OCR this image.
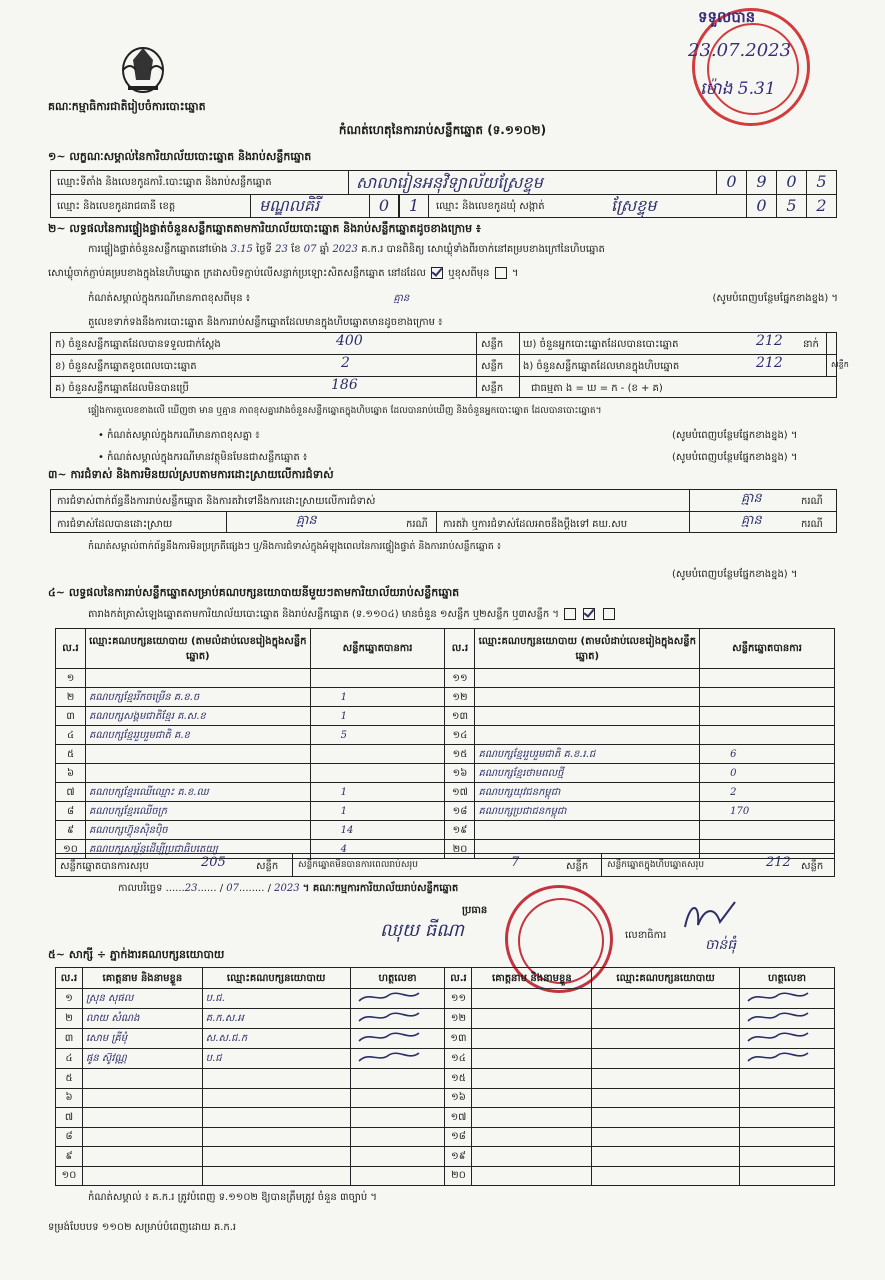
គណៈកម្មាធិការជាតិរៀបចំការបោះឆ្នោត
កំណត់ហេតុនៃការរាប់សន្លឹកឆ្នោត (ទ.១១០២)
ទទួលបាន
23.07.2023
ម៉ោង 5.31
១~ លក្ខណៈសម្គាល់នៃការិយាល័យបោះឆ្នោត និងរាប់សន្លឹកឆ្នោត
ឈ្មោះទីតាំង និងលេខកូដការិ.បោះឆ្នោត និងរាប់សន្លឹកឆ្នោត	សាលារៀនអនុវិទ្យាល័យស្រែខ្ទុម	0	9	0	5
ឈ្មោះ និងលេខកូដរាជធានី ខេត្ត	មណ្ឌលគិរី	0	1	ឈ្មោះ និងលេខកូដឃុំ សង្កាត់	ស្រែខ្ទុម	0	5	2
២~ លទ្ធផលនៃការផ្ទៀងផ្ទាត់ចំនួនសន្លឹកឆ្នោតតាមការិយាល័យបោះឆ្នោត និងរាប់សន្លឹកឆ្នោតដូចខាងក្រោម ៖
ការផ្ទៀងផ្ទាត់ចំនួនសន្លឹកឆ្នោតនៅម៉ោង 3.15 ថ្ងៃទី 23 ខែ 07 ឆ្នាំ 2023 គ.ក.រ បានពិនិត្យ សោឃ្លុំទាំងពីរចាក់នៅគម្របខាងក្រៅនៃហិបឆ្នោត
សោឃ្លុំចាក់ភ្ជាប់គម្របខាងក្នុងនៃហិបឆ្នោត ក្រដាសបិទភ្ជាប់លើសន្លាក់ប្រឡោះសិតសន្លឹកឆ្នោត នៅដដែល ឬខុសពីមុន  ។
កំណត់សម្គាល់ក្នុងករណីមានភាពខុសពីមុន ៖	គ្មាន	(សូមបំពេញបន្ថែមផ្នែកខាងខ្នង) ។
តួលេខទាក់ទងនឹងការបោះឆ្នោត និងការរាប់សន្លឹកឆ្នោតដែលមានក្នុងហិបឆ្នោតមានដូចខាងក្រោម ៖
ក) ចំនួនសន្លឹកឆ្នោតដែលបានទទួលជាក់ស្តែង	400	សន្លឹក ឃ) ចំនួនអ្នកបោះឆ្នោតដែលបានបោះឆ្នោត	212 នាក់
ខ) ចំនួនសន្លឹកឆ្នោតខូចពេលបោះឆ្នោត	2	សន្លឹក ង) ចំនួនសន្លឹកឆ្នោតដែលមានក្នុងហិបឆ្នោត	212	សន្លឹក
គ) ចំនួនសន្លឹកឆ្នោតដែលមិនបានប្រើ	186	សន្លឹក	ជាធម្មតា ង = ឃ = ក - (ខ + គ)
ផ្ទៀងការតួលេខខាងលើ ឃើញថា មាន ឬគ្មាន ភាពខុសគ្នារវាងចំនួនសន្លឹកឆ្នោតក្នុងហិបឆ្នោត ដែលបានរាប់ឃើញ និងចំនួនអ្នកបោះឆ្នោត ដែលបានបោះឆ្នោត។
• កំណត់សម្គាល់ក្នុងករណីមានភាពខុសគ្នា ៖	(សូមបំពេញបន្ថែមផ្នែកខាងខ្នង) ។
• កំណត់សម្គាល់ក្នុងករណីមានវត្ថុមិនមែនជាសន្លឹកឆ្នោត ៖	(សូមបំពេញបន្ថែមផ្នែកខាងខ្នង) ។
៣~ ការជំទាស់ និងការមិនយល់ស្របតាមការដោះស្រាយលើការជំទាស់
ការជំទាស់ពាក់ព័ន្ធនឹងការរាប់សន្លឹកឆ្នោត និងការតវ៉ាទៅនឹងការដោះស្រាយលើការជំទាស់	គ្មាន	ករណី
ការជំទាស់ដែលបានដោះស្រាយ	គ្មាន	ករណី ការតវ៉ា ឬការជំទាស់ដែលអាចនឹងប្តឹងទៅ គឃ.សប	គ្មាន	ករណី
កំណត់សម្គាល់ពាក់ព័ន្ធនឹងការមិនប្រក្រតីផ្សេងៗ ឬ/និងការជំទាស់ក្នុងអំឡុងពេលនៃការផ្ទៀងផ្ទាត់ និងការរាប់សន្លឹកឆ្នោត ៖
(សូមបំពេញបន្ថែមផ្នែកខាងខ្នង) ។
៤~ លទ្ធផលនៃការរាប់សន្លឹកឆ្នោតសម្រាប់គណបក្សនយោបាយនីមួយៗតាមការិយាល័យរាប់សន្លឹកឆ្នោត
តារាងកត់ត្រាសំឡេងឆ្នោតតាមការិយាល័យបោះឆ្នោត និងរាប់សន្លឹកឆ្នោត (ទ.១១០៤) មានចំនួន ១សន្លឹក ឬ២សន្លឹក ឬ៣សន្លឹក ។
ល.រ	ឈ្មោះគណបក្សនយោបាយ (តាមលំដាប់លេខរៀងក្នុងសន្លឹកឆ្នោត)	សន្លឹកឆ្នោតបានការ	ល.រ	ឈ្មោះគណបក្សនយោបាយ (តាមលំដាប់លេខរៀងក្នុងសន្លឹកឆ្នោត)	សន្លឹកឆ្នោតបានការ
១			១១		
២	គណបក្សខ្មែររីកចម្រើន គ.ខ.ច	1	១២		
៣	គណបក្សសង្គមជាតិខ្មែរ គ.ស.ខ	1	១៣		
៤	គណបក្សខ្មែររួបរួមជាតិ គ.ខ	5	១៤		
៥			១៥	គណបក្សខ្មែររួបរួមជាតិ គ.ខ.រ.ជ	6
៦			១៦	គណបក្សខ្មែរថាមពលថ្មី	0
៧	គណបក្សខ្មែរឈើឈ្មោះ គ.ខ.ឈ	1	១៧	គណបក្សយុវជនកម្ពុជា	2
៨	គណបក្សខ្មែរឈើចក្រ	1	១៨	គណបក្សប្រជាជនកម្ពុជា	170
៩	គណបក្សហ៊្វុនស៊ិនប៉ិច	14	១៩		
១០	គណបក្សសម្ព័ន្ធដើម្បីប្រជាធិបតេយ្យ	4	២០		
សន្លឹកឆ្នោតបានការសរុប	205	សន្លឹក សន្លឹកឆ្នោតមិនបានការពេលរាប់សរុប	7	សន្លឹក សន្លឹកឆ្នោតក្នុងហិបឆ្នោតសរុប	212 សន្លឹក
កាលបរិច្ឆេទ ......23...... / 07........ / 2023 ។ គណៈកម្មការការិយាល័យរាប់សន្លឹកឆ្នោត
ប្រធាន
ឈុយ ធីណា	លេខាធិការ
ចាន់ធុំ
៥~ សាក្សី ÷ ភ្នាក់ងារគណបក្សនយោបាយ
ល.រ	គោត្តនាម និងនាមខ្លួន	ឈ្មោះគណបក្សនយោបាយ	ហត្ថលេខា	ល.រ	គោត្តនាម និងនាមខ្លួន	ឈ្មោះគណបក្សនយោបាយ	ហត្ថលេខា
១	ស្រុន សុផល	ប.ជ.		១១			
២	លាយ សំណង	គ.ក.ស.អ		១២			
៣	សោម គ្រីមុំ	ស.ស.ជ.ក		១៣			
៤	ផូន ស៊ូវណ្ណ	ប.ជ		១៤			
៥				១៥			
៦				១៦			
៧				១៧			
៨				១៨			
៩				១៩			
១០				២០			
កំណត់សម្គាល់ ៖ គ.ក.រ ត្រូវបំពេញ ទ.១១០២ ឱ្យបានត្រឹមត្រូវ ចំនួន ៣ច្បាប់ ។
ទម្រង់បែបបទ ១១០២ សម្រាប់បំពេញដោយ គ.ក.រ
